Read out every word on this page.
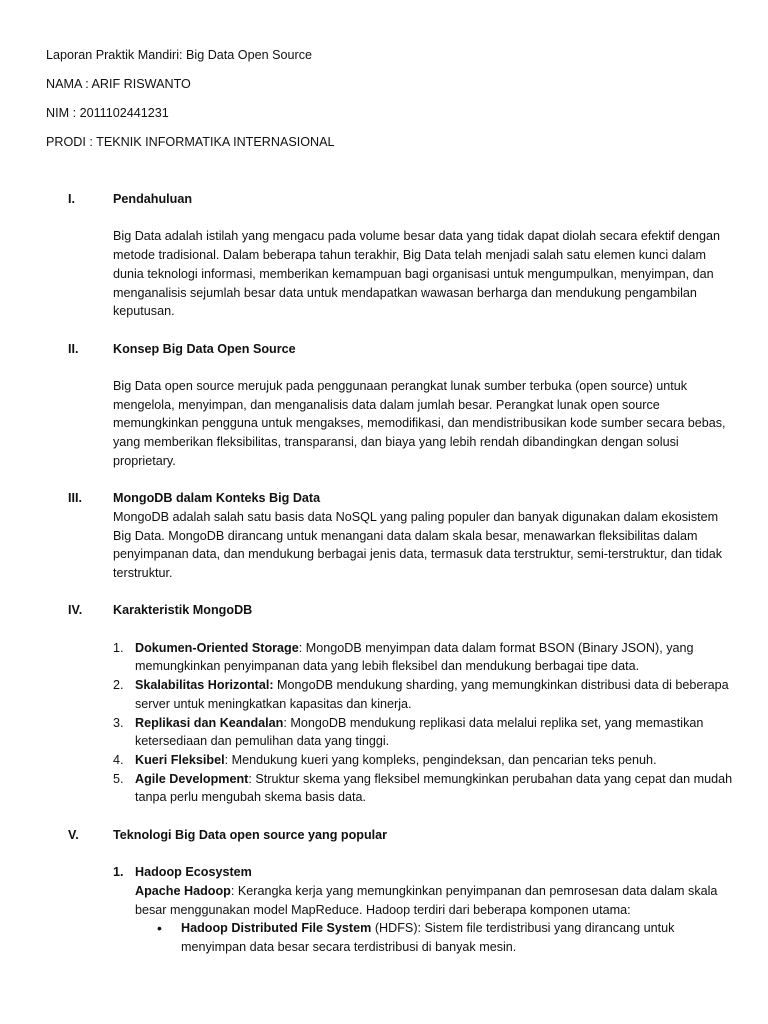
Laporan Praktik Mandiri: Big Data Open Source
NAMA : ARIF RISWANTO
NIM : 2011102441231
PRODI : TEKNIK INFORMATIKA INTERNASIONAL
I.	Pendahuluan

Big Data adalah istilah yang mengacu pada volume besar data yang tidak dapat diolah secara efektif dengan metode tradisional. Dalam beberapa tahun terakhir, Big Data telah menjadi salah satu elemen kunci dalam dunia teknologi informasi, memberikan kemampuan bagi organisasi untuk mengumpulkan, menyimpan, dan menganalisis sejumlah besar data untuk mendapatkan wawasan berharga dan mendukung pengambilan keputusan.

II.	Konsep Big Data Open Source

Big Data open source merujuk pada penggunaan perangkat lunak sumber terbuka (open source) untuk mengelola, menyimpan, dan menganalisis data dalam jumlah besar. Perangkat lunak open source memungkinkan pengguna untuk mengakses, memodifikasi, dan mendistribusikan kode sumber secara bebas, yang memberikan fleksibilitas, transparansi, dan biaya yang lebih rendah dibandingkan dengan solusi proprietary.

III. MongoDB dalam Konteks Big Data

MongoDB adalah salah satu basis data NoSQL yang paling populer dan banyak digunakan dalam ekosistem Big Data. MongoDB dirancang untuk menangani data dalam skala besar, menawarkan fleksibilitas dalam penyimpanan data, dan mendukung berbagai jenis data, termasuk data terstruktur, semi-terstruktur, dan tidak terstruktur.

IV. Karakteristik MongoDB

1. Dokumen-Oriented Storage: MongoDB menyimpan data dalam format BSON (Binary JSON), yang memungkinkan penyimpanan data yang lebih fleksibel dan mendukung berbagai tipe data.
2. Skalabilitas Horizontal: MongoDB mendukung sharding, yang memungkinkan distribusi data di beberapa server untuk meningkatkan kapasitas dan kinerja.
3. Replikasi dan Keandalan: MongoDB mendukung replikasi data melalui replika set, yang memastikan ketersediaan dan pemulihan data yang tinggi.
4. Kueri Fleksibel: Mendukung kueri yang kompleks, pengindeksan, dan pencarian teks penuh.
5. Agile Development: Struktur skema yang fleksibel memungkinkan perubahan data yang cepat dan mudah tanpa perlu mengubah skema basis data.
V.	Teknologi Big Data open source yang popular

1. Hadoop Ecosystem
Apache Hadoop: Kerangka kerja yang memungkinkan penyimpanan dan pemrosesan data dalam skala besar menggunakan model MapReduce. Hadoop terdiri dari beberapa komponen utama:
• Hadoop Distributed File System (HDFS): Sistem file terdistribusi yang dirancang untuk menyimpan data besar secara terdistribusi di banyak mesin.
